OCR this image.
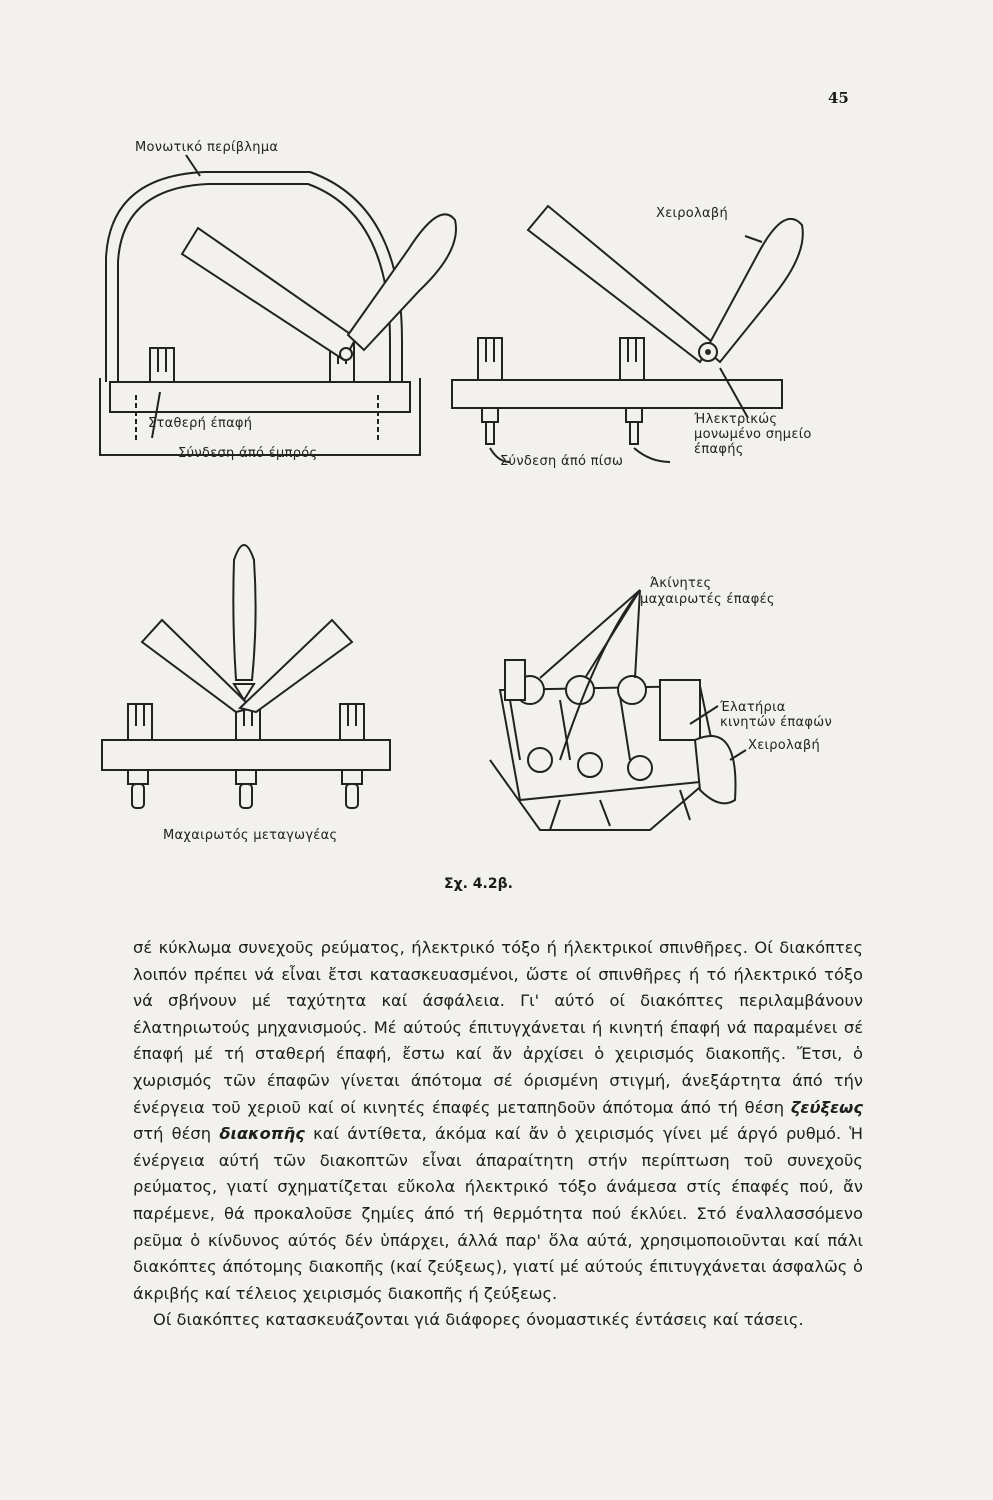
45
Μονωτικό περίβλημα
Σταθερή έπαφή
Σύνδεση άπό έμπρός
Χειρολαβή
Σύνδεση άπό πίσω
Ήλεκτρικώς
μονωμένο σημείο
έπαφής
Μαχαιρωτός μεταγωγέας
Άκίνητες
μαχαιρωτές έπαφές
Έλατήρια
κινητών έπαφών
Χειρολαβή
Σχ. 4.2β.

σέ κύκλωμα συνεχοῦς ρεύματος, ήλεκτρικό τόξο ή ήλεκτρικοί σπινθῆρες. Οί διακόπτες λοιπόν πρέπει νά εἶναι ἔτσι κατασκευασμένοι, ὥστε οί σπινθῆρες ή τό ήλεκτρικό τόξο νά σβήνουν μέ ταχύτητα καί άσφάλεια. Γι' αύτό οί διακόπτες περιλαμβάνουν έλατηριωτούς μηχανισμούς. Μέ αύτούς έπιτυγχάνεται ή κινητή έπαφή νά παραμένει σέ έπαφή μέ τή σταθερή έπαφή, ἔστω καί ἄν ἀρχίσει ὁ χειρισμός διακοπῆς. Ἔτσι, ὁ χωρισμός τῶν έπαφῶν γίνεται άπότομα σέ όρισμένη στιγμή, άνεξάρτητα άπό τήν ένέργεια τοῦ χεριοῦ καί οί κινητές έπαφές μεταπηδοῦν άπότομα άπό τή θέση ζεύξεως στή θέση διακοπῆς καί άντίθετα, άκόμα καί ἄν ὁ χειρισμός γίνει μέ άργό ρυθμό. Ἡ ένέργεια αύτή τῶν διακοπτῶν εἶναι άπαραίτητη στήν περίπτωση τοῦ συνεχοῦς ρεύματος, γιατί σχηματίζεται εὔκολα ήλεκτρικό τόξο άνάμεσα στίς έπαφές πού, ἄν παρέμενε, θά προκαλοῦσε ζημίες άπό τή θερμότητα πού έκλύει. Στό έναλλασσόμενο ρεῦμα ὁ κίνδυνος αύτός δέν ὑπάρχει, άλλά παρ' ὅλα αύτά, χρησιμοποιοῦνται καί πάλι διακόπτες άπότομης διακοπῆς (καί ζεύξεως), γιατί μέ αύτούς έπιτυγχάνεται άσφαλῶς ὁ άκριβής καί τέλειος χειρισμός διακοπῆς ή ζεύξεως.

Οί διακόπτες κατασκευάζονται γιά διάφορες όνομαστικές έντάσεις καί τάσεις.
